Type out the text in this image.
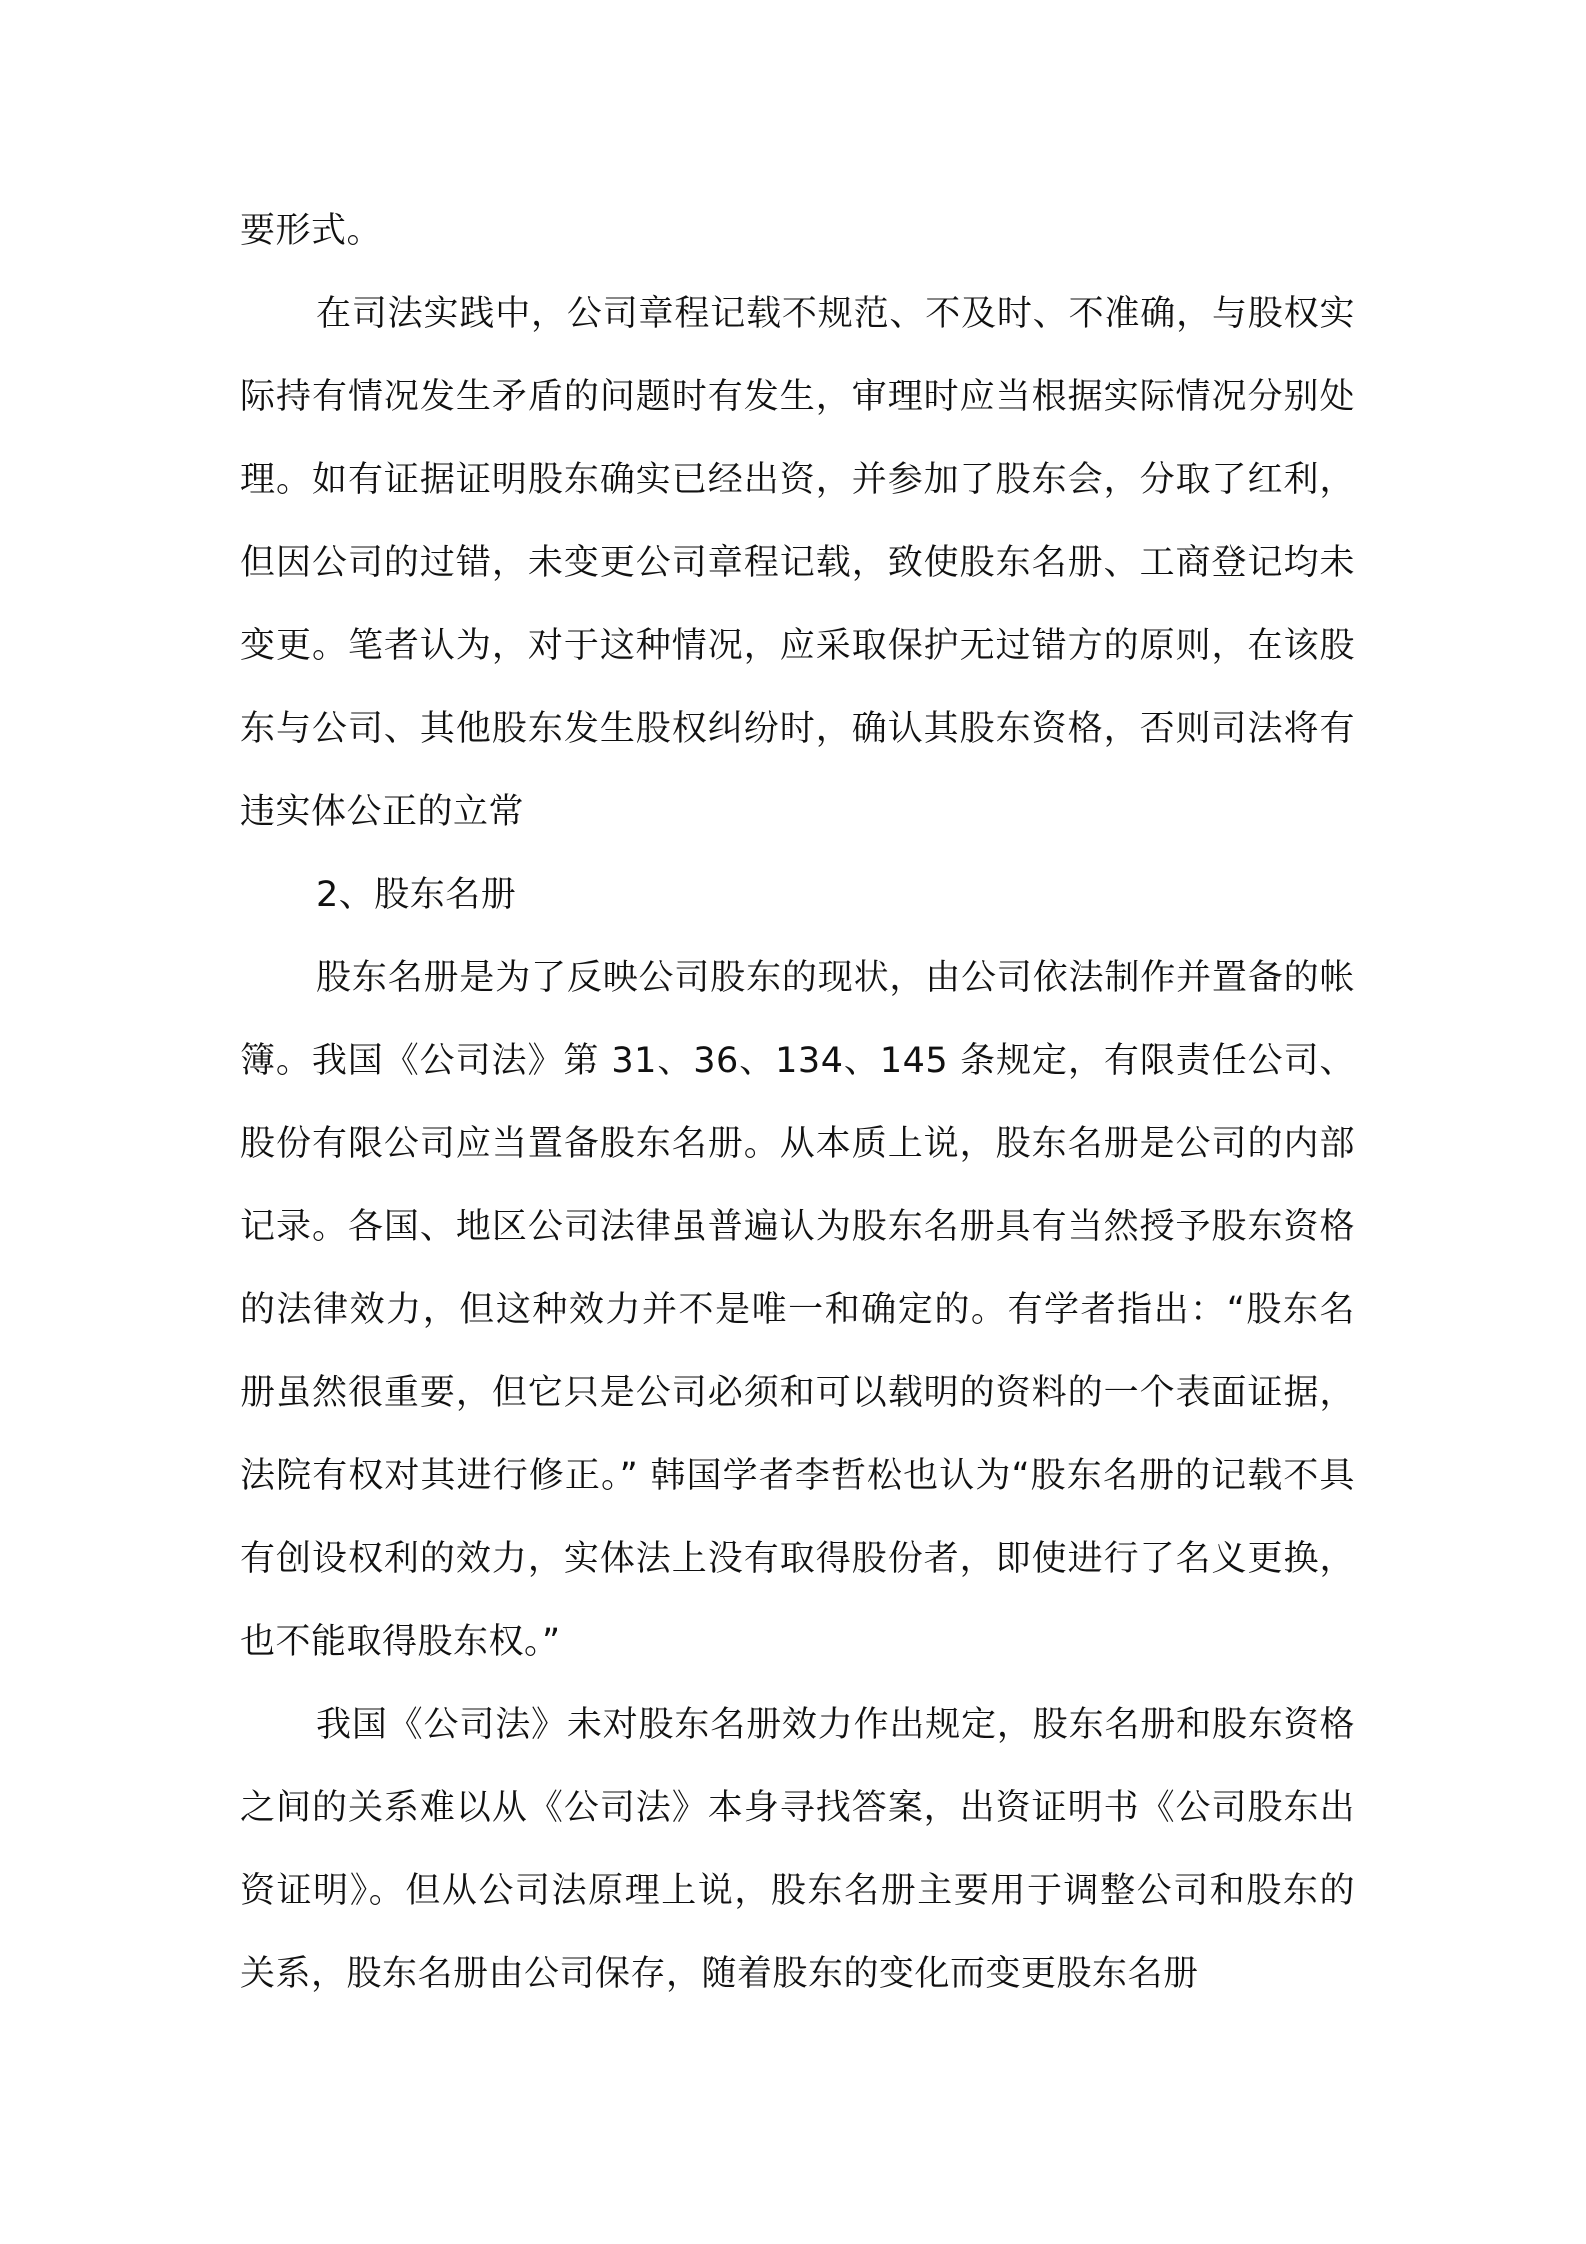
要形式。

在司法实践中，公司章程记载不规范、不及时、不准确，与股权实际持有情况发生矛盾的问题时有发生，审理时应当根据实际情况分别处理。如有证据证明股东确实已经出资，并参加了股东会，分取了红利，但因公司的过错，未变更公司章程记载，致使股东名册、工商登记均未变更。笔者认为，对于这种情况，应采取保护无过错方的原则，在该股东与公司、其他股东发生股权纠纷时，确认其股东资格，否则司法将有违实体公正的立常

2、股东名册

股东名册是为了反映公司股东的现状，由公司依法制作并置备的帐簿。我国《公司法》第 31、36、134、145 条规定，有限责任公司、股份有限公司应当置备股东名册。从本质上说，股东名册是公司的内部记录。各国、地区公司法律虽普遍认为股东名册具有当然授予股东资格的法律效力，但这种效力并不是唯一和确定的。有学者指出：“股东名册虽然很重要，但它只是公司必须和可以载明的资料的一个表面证据，法院有权对其进行修正。” 韩国学者李哲松也认为“股东名册的记载不具有创设权利的效力，实体法上没有取得股份者，即使进行了名义更换，也不能取得股东权。”

我国《公司法》未对股东名册效力作出规定，股东名册和股东资格之间的关系难以从《公司法》本身寻找答案，出资证明书《公司股东出资证明》。但从公司法原理上说，股东名册主要用于调整公司和股东的关系，股东名册由公司保存，随着股东的变化而变更股东名册
